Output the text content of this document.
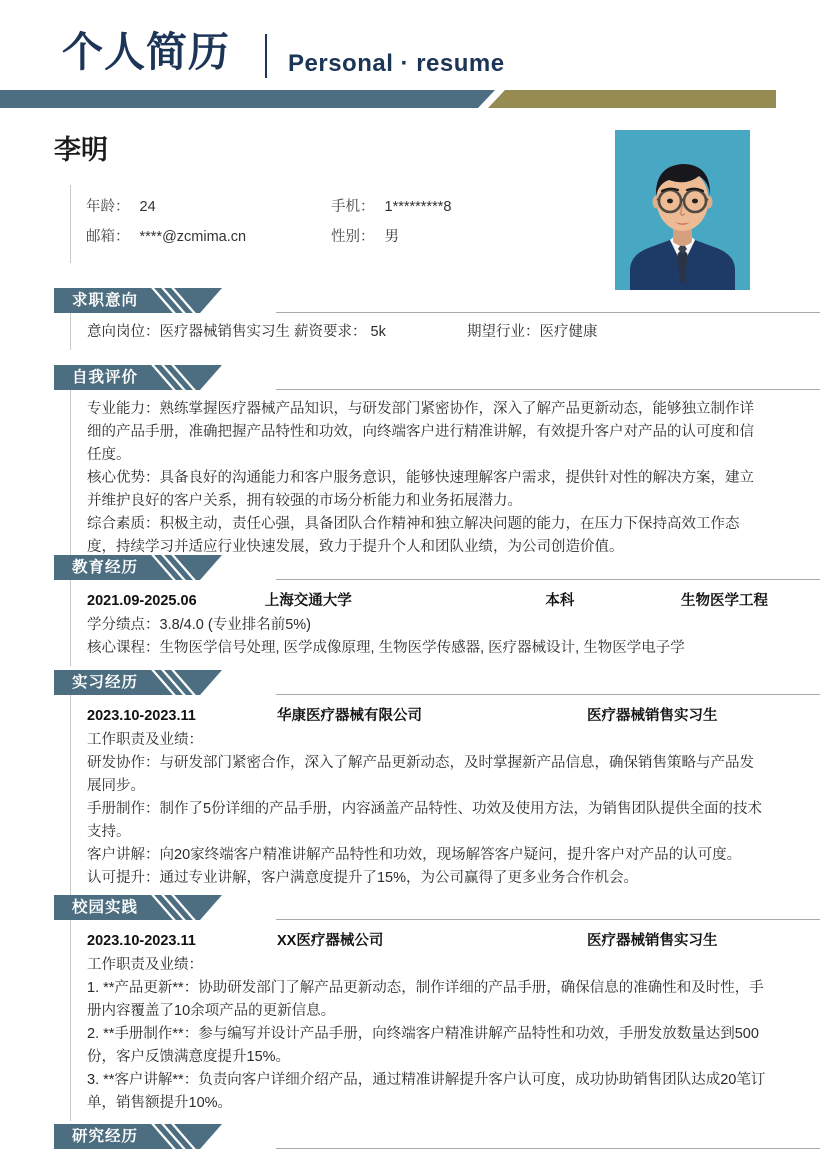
个人简历 Personal · resume
李明
年龄： 24	手机： 1*********8
邮箱： ****@zcmima.cn	性别： 男
求职意向
意向岗位：医疗器械销售实习生 薪资要求： 5k	期望行业：医疗健康
自我评价
专业能力：熟练掌握医疗器械产品知识，与研发部门紧密协作，深入了解产品更新动态，能够独立制作详细的产品手册，准确把握产品特性和功效，向终端客户进行精准讲解，有效提升客户对产品的认可度和信任度。
核心优势：具备良好的沟通能力和客户服务意识，能够快速理解客户需求，提供针对性的解决方案，建立并维护良好的客户关系，拥有较强的市场分析能力和业务拓展潜力。
综合素质：积极主动，责任心强，具备团队合作精神和独立解决问题的能力，在压力下保持高效工作态度，持续学习并适应行业快速发展，致力于提升个人和团队业绩，为公司创造价值。
教育经历
2021.09-2025.06	上海交通大学	本科	生物医学工程
学分绩点：3.8/4.0 (专业排名前5%)
核心课程：生物医学信号处理, 医学成像原理, 生物医学传感器, 医疗器械设计, 生物医学电子学
实习经历
2023.10-2023.11	华康医疗器械有限公司	医疗器械销售实习生
工作职责及业绩：
研发协作：与研发部门紧密合作，深入了解产品更新动态，及时掌握新产品信息，确保销售策略与产品发展同步。
手册制作：制作了5份详细的产品手册，内容涵盖产品特性、功效及使用方法，为销售团队提供全面的技术支持。
客户讲解：向20家终端客户精准讲解产品特性和功效，现场解答客户疑问，提升客户对产品的认可度。
认可提升：通过专业讲解，客户满意度提升了15%，为公司赢得了更多业务合作机会。
校园实践
2023.10-2023.11	XX医疗器械公司	医疗器械销售实习生
工作职责及业绩：
1. **产品更新**：协助研发部门了解产品更新动态，制作详细的产品手册，确保信息的准确性和及时性，手册内容覆盖了10余项产品的更新信息。
2. **手册制作**：参与编写并设计产品手册，向终端客户精准讲解产品特性和功效，手册发放数量达到500份，客户反馈满意度提升15%。
3. **客户讲解**：负责向客户详细介绍产品，通过精准讲解提升客户认可度，成功协助销售团队达成20笔订单，销售额提升10%。
研究经历
